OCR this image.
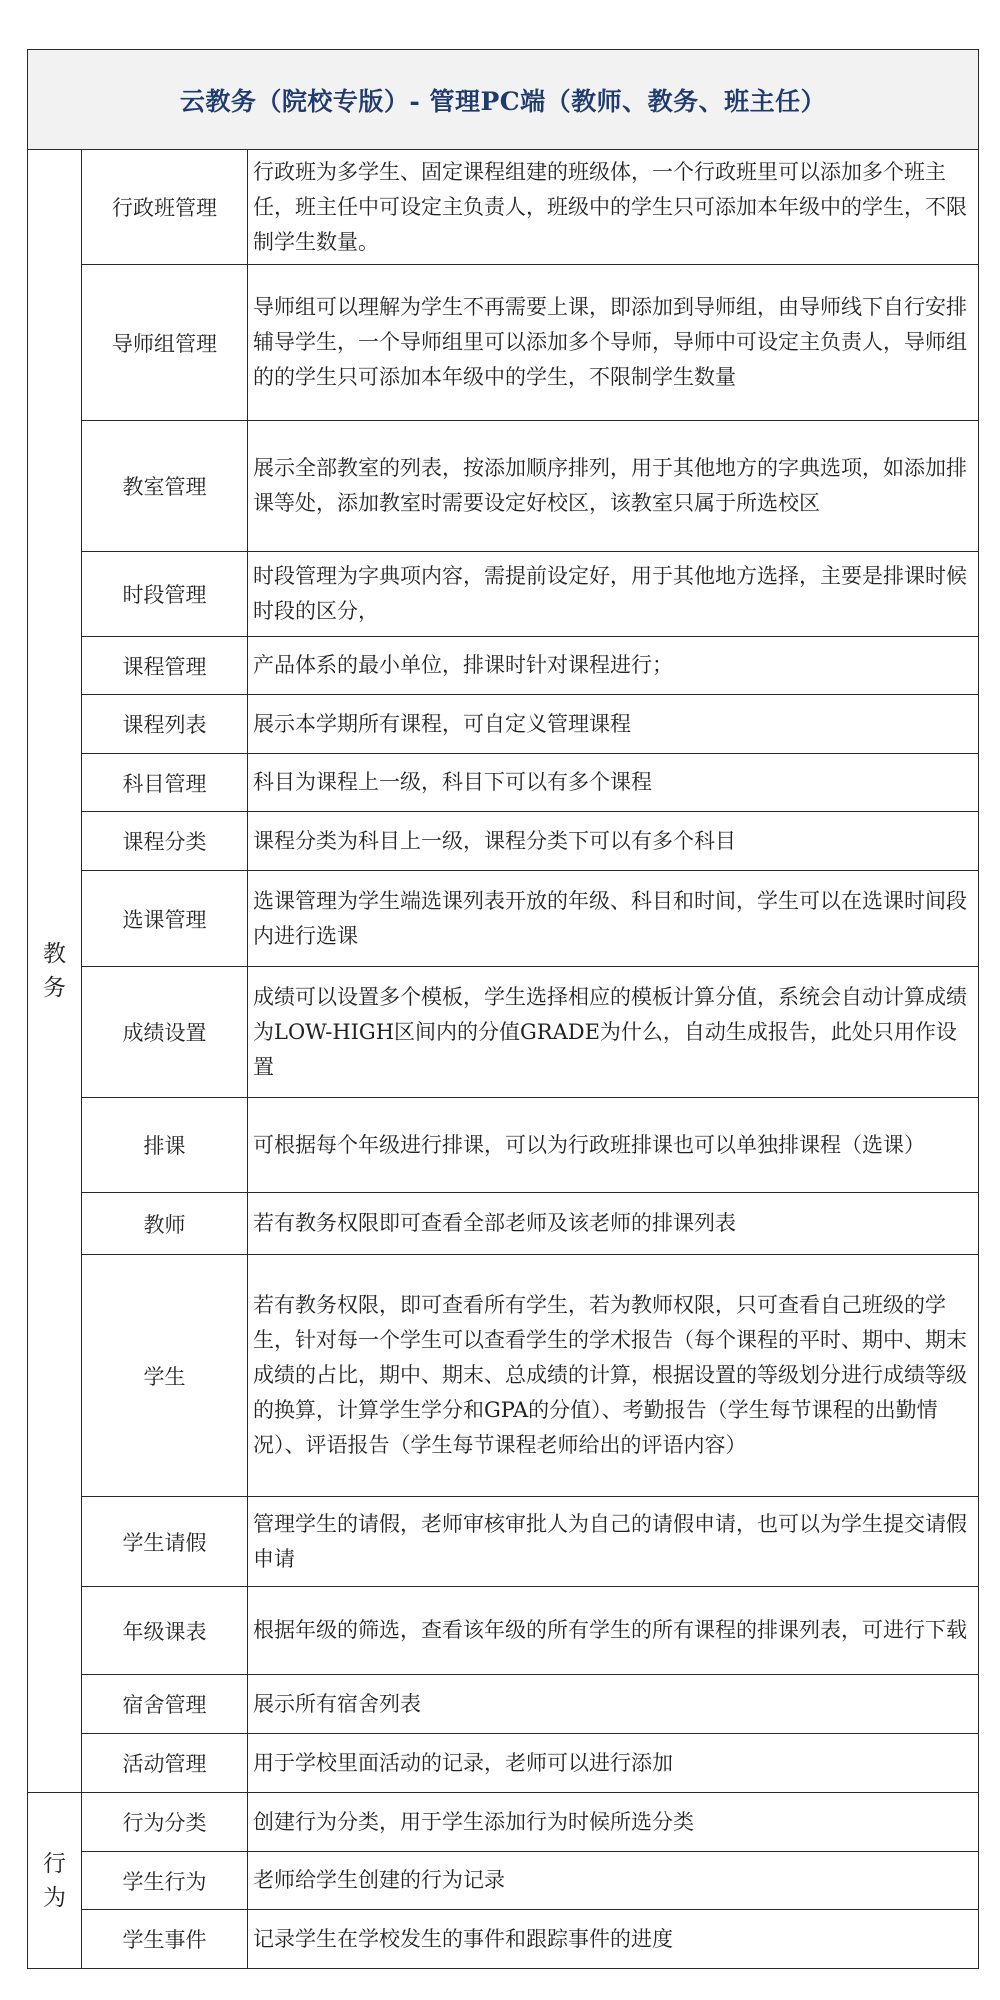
云教务（院校专版）- 管理PC端（教师、教务、班主任）		
教务	行政班管理	行政班为多学生、固定课程组建的班级体，一个行政班里可以添加多个班主任，班主任中可设定主负责人，班级中的学生只可添加本年级中的学生，不限制学生数量。
	导师组管理	导师组可以理解为学生不再需要上课，即添加到导师组，由导师线下自行安排辅导学生，一个导师组里可以添加多个导师，导师中可设定主负责人，导师组的的学生只可添加本年级中的学生，不限制学生数量
	教室管理	展示全部教室的列表，按添加顺序排列，用于其他地方的字典选项，如添加排课等处，添加教室时需要设定好校区，该教室只属于所选校区
	时段管理	时段管理为字典项内容，需提前设定好，用于其他地方选择，主要是排课时候时段的区分，
	课程管理	产品体系的最小单位，排课时针对课程进行；
	课程列表	展示本学期所有课程，可自定义管理课程
	科目管理	科目为课程上一级，科目下可以有多个课程
	课程分类	课程分类为科目上一级，课程分类下可以有多个科目
	选课管理	选课管理为学生端选课列表开放的年级、科目和时间，学生可以在选课时间段内进行选课
	成绩设置	成绩可以设置多个模板，学生选择相应的模板计算分值，系统会自动计算成绩为LOW-HIGH区间内的分值GRADE为什么，自动生成报告，此处只用作设置
	排课	可根据每个年级进行排课，可以为行政班排课也可以单独排课程（选课）
	教师	若有教务权限即可查看全部老师及该老师的排课列表
	学生	若有教务权限，即可查看所有学生，若为教师权限，只可查看自己班级的学生，针对每一个学生可以查看学生的学术报告（每个课程的平时、期中、期末成绩的占比，期中、期末、总成绩的计算，根据设置的等级划分进行成绩等级的换算，计算学生学分和GPA的分值）、考勤报告（学生每节课程的出勤情况）、评语报告（学生每节课程老师给出的评语内容）
	学生请假	管理学生的请假，老师审核审批人为自己的请假申请，也可以为学生提交请假申请
	年级课表	根据年级的筛选，查看该年级的所有学生的所有课程的排课列表，可进行下载
	宿舍管理	展示所有宿舍列表
	活动管理	用于学校里面活动的记录，老师可以进行添加
行为	行为分类	创建行为分类，用于学生添加行为时候所选分类
	学生行为	老师给学生创建的行为记录
	学生事件	记录学生在学校发生的事件和跟踪事件的进度
